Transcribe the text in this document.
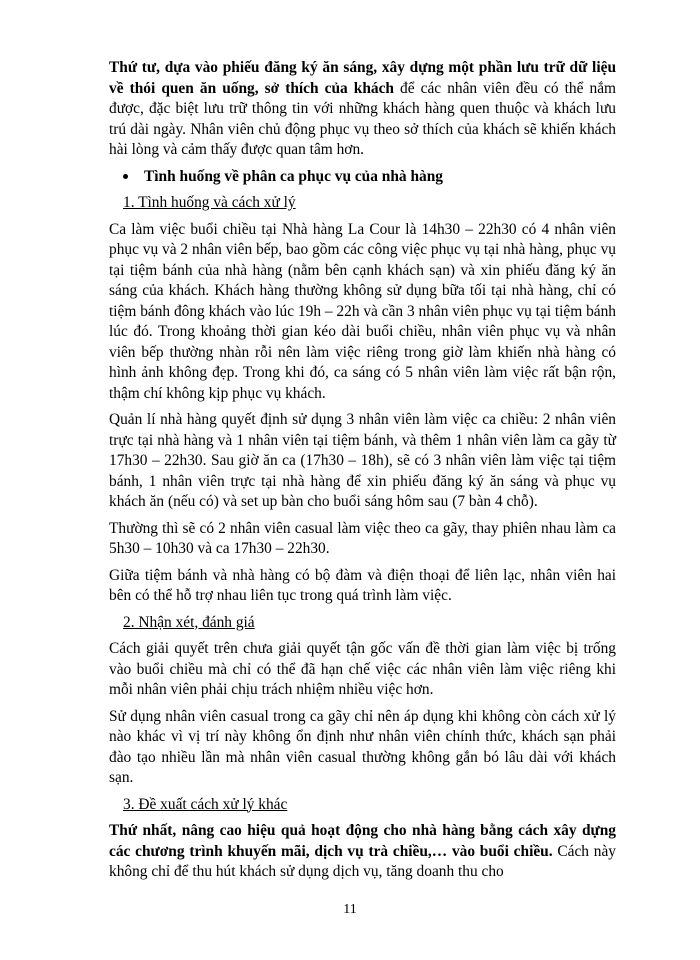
Thứ tư, dựa vào phiếu đăng ký ăn sáng, xây dựng một phần lưu trữ dữ liệu về thói quen ăn uống, sở thích của khách để các nhân viên đều có thể nắm được, đặc biệt lưu trữ thông tin với những khách hàng quen thuộc và khách lưu trú dài ngày. Nhân viên chủ động phục vụ theo sở thích của khách sẽ khiến khách hài lòng và cảm thấy được quan tâm hơn.

Tình huống về phân ca phục vụ của nhà hàng
1. Tình huống và cách xử lý

Ca làm việc buổi chiều tại Nhà hàng La Cour là 14h30 – 22h30 có 4 nhân viên phục vụ và 2 nhân viên bếp, bao gồm các công việc phục vụ tại nhà hàng, phục vụ tại tiệm bánh của nhà hàng (nằm bên cạnh khách sạn) và xin phiếu đăng ký ăn sáng của khách. Khách hàng thường không sử dụng bữa tối tại nhà hàng, chỉ có tiệm bánh đông khách vào lúc 19h – 22h và cần 3 nhân viên phục vụ tại tiệm bánh lúc đó. Trong khoảng thời gian kéo dài buổi chiều, nhân viên phục vụ và nhân viên bếp thường nhàn rỗi nên làm việc riêng trong giờ làm khiến nhà hàng có hình ảnh không đẹp. Trong khi đó, ca sáng có 5 nhân viên làm việc rất bận rộn, thậm chí không kịp phục vụ khách.

Quản lí nhà hàng quyết định sử dụng 3 nhân viên làm việc ca chiều: 2 nhân viên trực tại nhà hàng và 1 nhân viên tại tiệm bánh, và thêm 1 nhân viên làm ca gãy từ 17h30 – 22h30. Sau giờ ăn ca (17h30 – 18h), sẽ có 3 nhân viên làm việc tại tiệm bánh, 1 nhân viên trực tại nhà hàng để xin phiếu đăng ký ăn sáng và phục vụ khách ăn (nếu có) và set up bàn cho buổi sáng hôm sau (7 bàn 4 chỗ).

Thường thì sẽ có 2 nhân viên casual làm việc theo ca gãy, thay phiên nhau làm ca 5h30 – 10h30 và ca 17h30 – 22h30.

Giữa tiệm bánh và nhà hàng có bộ đàm và điện thoại để liên lạc, nhân viên hai bên có thể hỗ trợ nhau liên tục trong quá trình làm việc.

2. Nhận xét, đánh giá

Cách giải quyết trên chưa giải quyết tận gốc vấn đề thời gian làm việc bị trống vào buổi chiều mà chỉ có thể đã hạn chế việc các nhân viên làm việc riêng khi mỗi nhân viên phải chịu trách nhiệm nhiều việc hơn.

Sử dụng nhân viên casual trong ca gãy chỉ nên áp dụng khi không còn cách xử lý nào khác vì vị trí này không ổn định như nhân viên chính thức, khách sạn phải đào tạo nhiều lần mà nhân viên casual thường không gắn bó lâu dài với khách sạn.

3. Đề xuất cách xử lý khác

Thứ nhất, nâng cao hiệu quả hoạt động cho nhà hàng bằng cách xây dựng các chương trình khuyến mãi, dịch vụ trà chiều,… vào buổi chiều. Cách này không chỉ để thu hút khách sử dụng dịch vụ, tăng doanh thu cho

11
